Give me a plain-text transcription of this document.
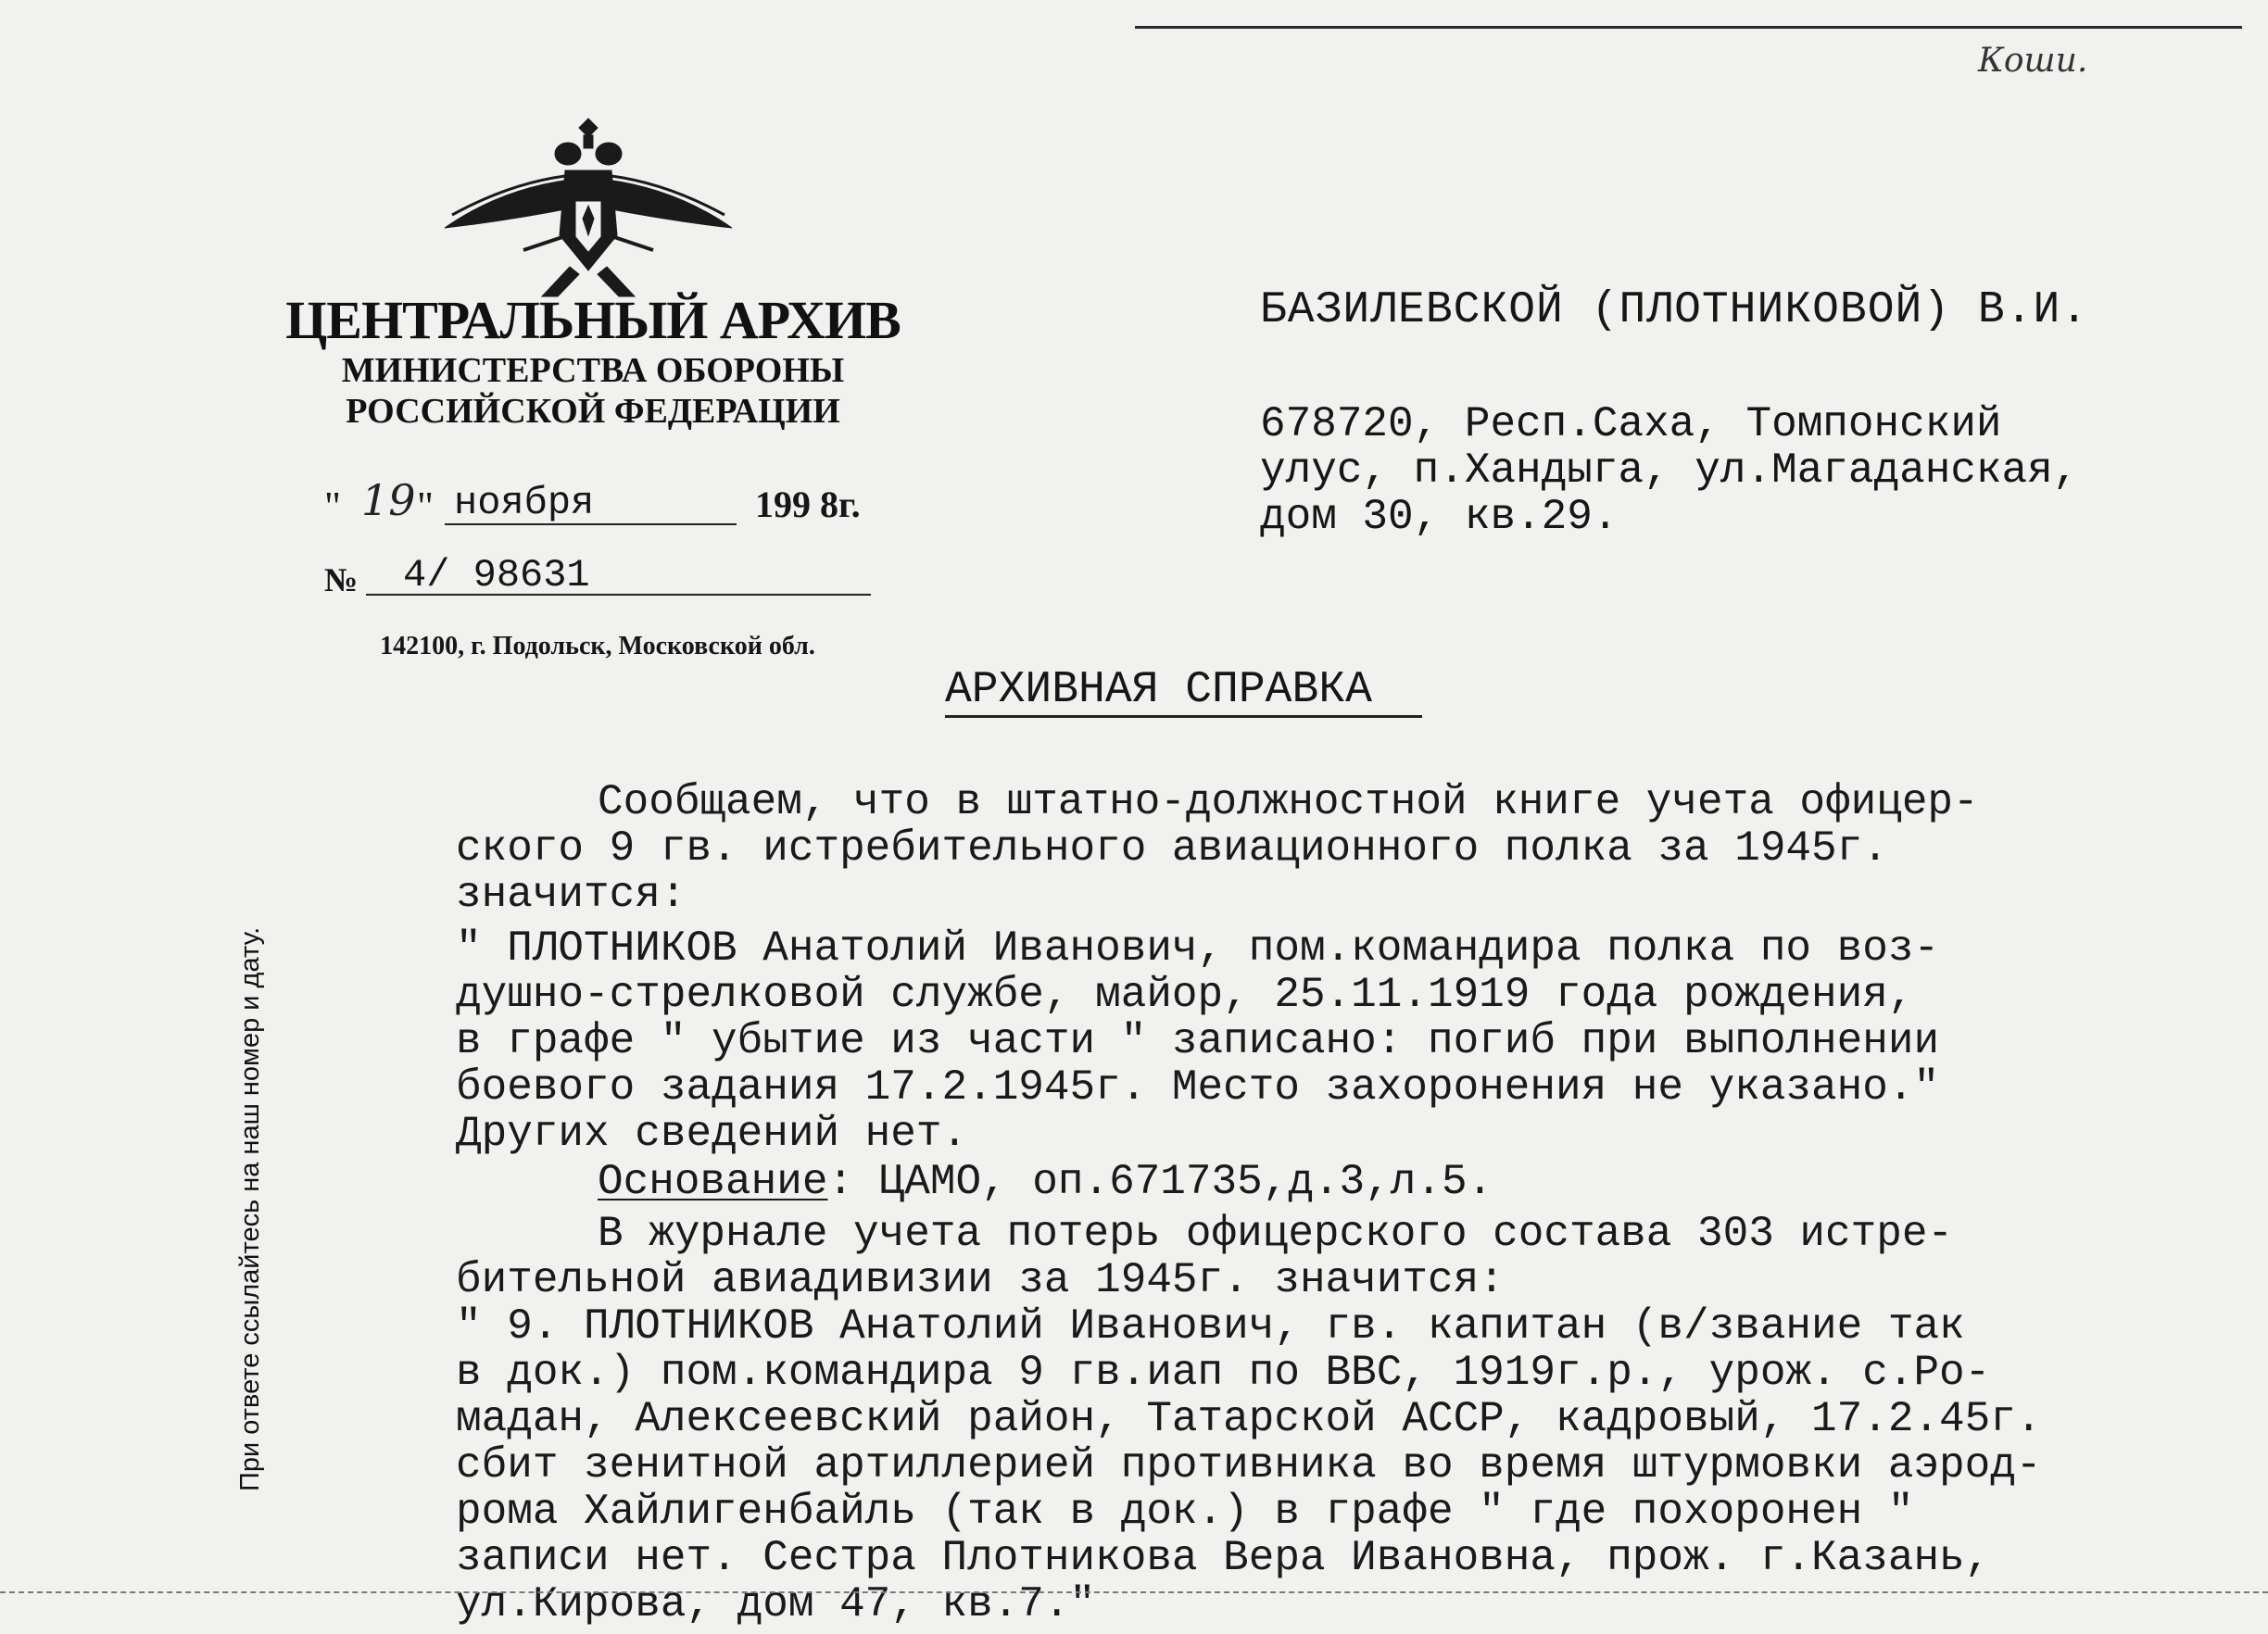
Коши.
ЦЕНТРАЛЬНЫЙ АРХИВ
МИНИСТЕРСТВА ОБОРОНЫ
РОССИЙСКОЙ ФЕДЕРАЦИИ
" 19 " ноября	199 8г.
№ 4/ 98631
142100, г. Подольск, Московской обл.
БАЗИЛЕВСКОЙ (ПЛОТНИКОВОЙ) В.И.
678720, Респ.Саха, Томпонский
улус, п.Хандыга, ул.Магаданская,
дом 30, кв.29.
АРХИВНАЯ СПРАВКА
Сообщаем, что в штатно-должностной книге учета офицер-
ского 9 гв. истребительного авиационного полка за 1945г.
значится:
" ПЛОТНИКОВ Анатолий Иванович, пом.командира полка по воз-
душно-стрелковой службе, майор, 25.11.1919 года рождения,
в графе " убытие из части " записано: погиб при выполнении
боевого задания 17.2.1945г. Место захоронения не указано."
Других сведений нет.
Основание: ЦАМО, оп.671735,д.3,л.5.
В журнале учета потерь офицерского состава 303 истре-
бительной авиадивизии за 1945г. значится:
" 9. ПЛОТНИКОВ Анатолий Иванович, гв. капитан (в/звание так
в док.) пом.командира 9 гв.иап по ВВС, 1919г.р., урож. с.Ро-
мадан, Алексеевский район, Татарской АССР, кадровый, 17.2.45г.
сбит зенитной артиллерией противника во время штурмовки аэрод-
рома Хайлигенбайль (так в док.) в графе " где похоронен "
записи нет. Сестра Плотникова Вера Ивановна, прож. г.Казань,
ул.Кирова, дом 47, кв.7."
При ответе ссылайтесь на наш номер и дату.
